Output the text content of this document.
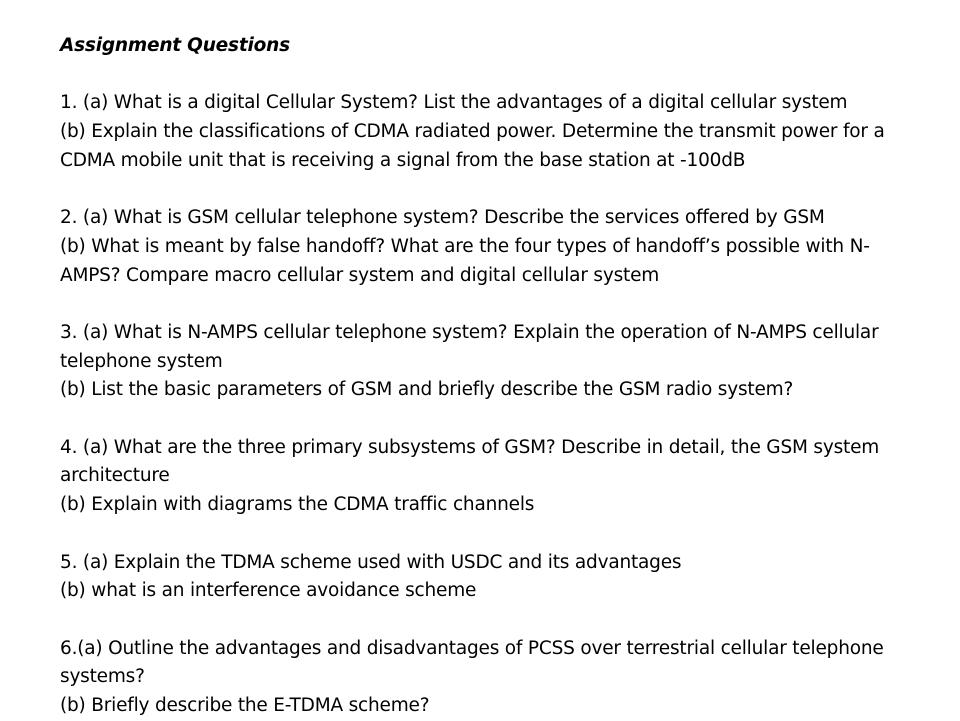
Assignment Questions
1. (a) What is a digital Cellular System? List the advantages of a digital cellular system
(b) Explain the classifications of CDMA radiated power. Determine the transmit power for a CDMA mobile unit that is receiving a signal from the base station at -100dB
2. (a) What is GSM cellular telephone system? Describe the services offered by GSM
(b) What is meant by false handoff? What are the four types of handoff’s possible with N-AMPS? Compare macro cellular system and digital cellular system
3. (a) What is N-AMPS cellular telephone system? Explain the operation of N-AMPS cellular telephone system
(b) List the basic parameters of GSM and briefly describe the GSM radio system?
4. (a) What are the three primary subsystems of GSM? Describe in detail, the GSM system architecture
(b) Explain with diagrams the CDMA traffic channels
5. (a) Explain the TDMA scheme used with USDC and its advantages
(b) what is an interference avoidance scheme
6.(a) Outline the advantages and disadvantages of PCSS over terrestrial cellular telephone systems?
(b) Briefly describe the E-TDMA scheme?
